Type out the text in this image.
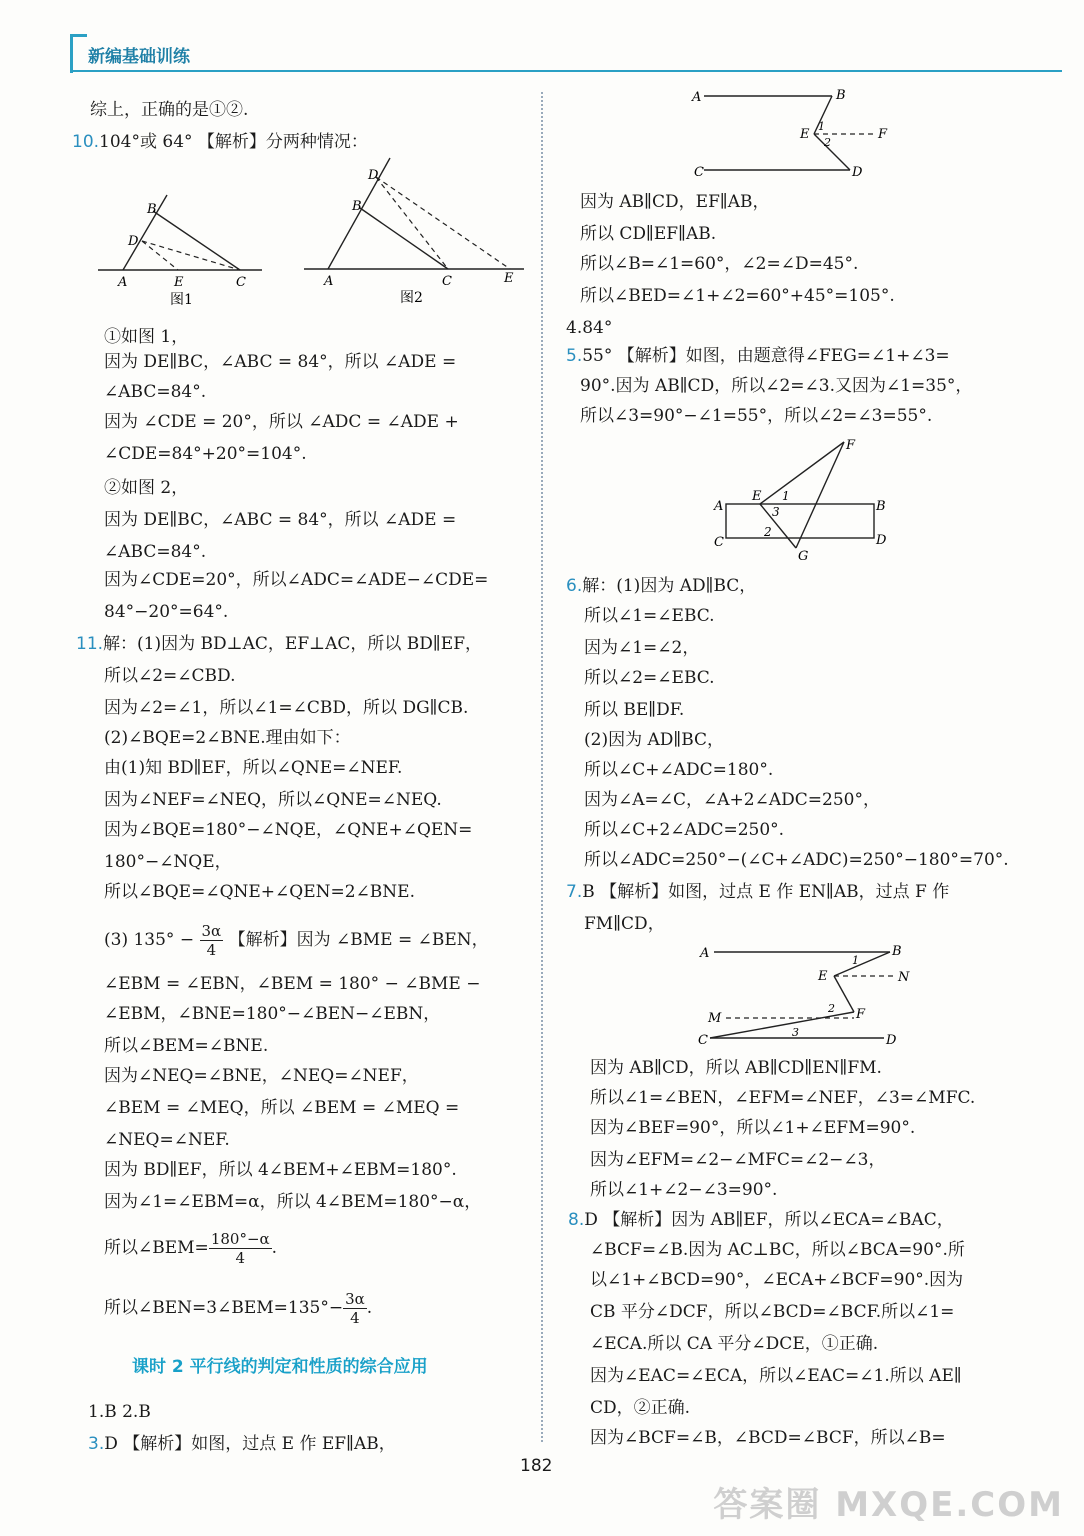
新编基础训练
综上，正确的是①②.
10.104°或 64° 【解析】分两种情况：
B
D
A	E	C
图1
D
B
A	C	E
图2
①如图 1，
因为 DE∥BC，∠ABC = 84°，所以 ∠ADE =
∠ABC=84°.
因为 ∠CDE = 20°，所以 ∠ADC = ∠ADE +
∠CDE=84°+20°=104°.
②如图 2，
因为 DE∥BC，∠ABC = 84°，所以 ∠ADE =
∠ABC=84°.
因为∠CDE=20°，所以∠ADC=∠ADE−∠CDE=
84°−20°=64°.
11.解：(1)因为 BD⊥AC，EF⊥AC，所以 BD∥EF，
所以∠2=∠CBD.
因为∠2=∠1，所以∠1=∠CBD，所以 DG∥CB.
(2)∠BQE=2∠BNE.理由如下：
由(1)知 BD∥EF，所以∠QNE=∠NEF.
因为∠NEF=∠NEQ，所以∠QNE=∠NEQ.
因为∠BQE=180°−∠NQE，∠QNE+∠QEN=
180°−∠NQE，
所以∠BQE=∠QNE+∠QEN=2∠BNE.
(3) $135^\circ - \frac{3\alpha}{4}$ 【解析】因为 ∠BME = ∠BEN，
∠EBM = ∠EBN，∠BEM = 180° − ∠BME −
∠EBM，∠BNE=180°−∠BEN−∠EBN，
所以∠BEM=∠BNE.
因为∠NEQ=∠BNE，∠NEQ=∠NEF，
∠BEM = ∠MEQ，所以 ∠BEM = ∠MEQ =
∠NEQ=∠NEF.
因为 BD∥EF，所以 4∠BEM+∠EBM=180°.
因为∠1=∠EBM=α，所以 4∠BEM=180°−α，
所以∠BEM= $\frac{180^\circ-\alpha}{4}$ .
所以∠BEN=3∠BEM=135°− $\frac{3\alpha}{4}$ .
课时 2 平行线的判定和性质的综合应用
1.B 2.B
3.D 【解析】如图，过点 E 作 EF∥AB，
A	B
E	F
1
2
C	D
因为 AB∥CD，EF∥AB，
所以 CD∥EF∥AB.
所以∠B=∠1=60°，∠2=∠D=45°.
所以∠BED=∠1+∠2=60°+45°=105°.
4.84°
5.55° 【解析】如图，由题意得∠FEG=∠1+∠3=
90°.因为 AB∥CD，所以∠2=∠3.又因为∠1=35°，
所以∠3=90°−∠1=55°，所以∠2=∠3=55°.
F
E 1
3
A	B
2
C	D
G
6.解：(1)因为 AD∥BC，
所以∠1=∠EBC.
因为∠1=∠2，
所以∠2=∠EBC.
所以 BE∥DF.
(2)因为 AD∥BC，
所以∠C+∠ADC=180°.
因为∠A=∠C，∠A+2∠ADC=250°，
所以∠C+2∠ADC=250°.
所以∠ADC=250°−(∠C+∠ADC)=250°−180°=70°.
7.B 【解析】如图，过点 E 作 EN∥AB，过点 F 作
FM∥CD，
A	B
1
E	N
M
2 F
3
C	D
因为 AB∥CD，所以 AB∥CD∥EN∥FM.
所以∠1=∠BEN，∠EFM=∠NEF，∠3=∠MFC.
因为∠BEF=90°，所以∠1+∠EFM=90°.
因为∠EFM=∠2−∠MFC=∠2−∠3，
所以∠1+∠2−∠3=90°.
8.D 【解析】因为 AB∥EF，所以∠ECA=∠BAC，
∠BCF=∠B.因为 AC⊥BC，所以∠BCA=90°.所
以∠1+∠BCD=90°，∠ECA+∠BCF=90°.因为
CB 平分∠DCF，所以∠BCD=∠BCF.所以∠1=
∠ECA.所以 CA 平分∠DCE，①正确.
因为∠EAC=∠ECA，所以∠EAC=∠1.所以 AE∥
CD，②正确.
因为∠BCF=∠B，∠BCD=∠BCF，所以∠B=
182
答案圈 MXQE.COM
